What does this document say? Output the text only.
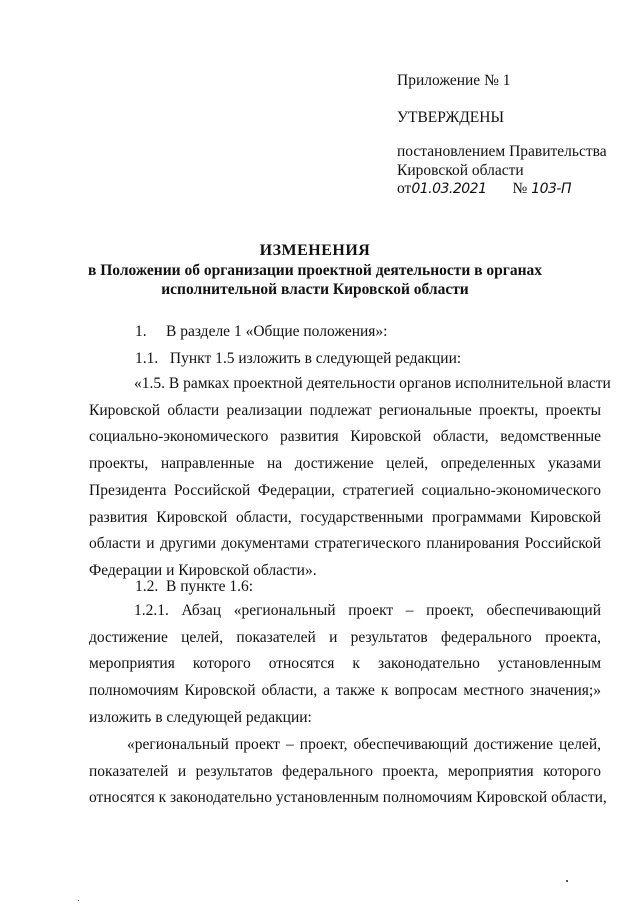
Приложение № 1
УТВЕРЖДЕНЫ
постановлением Правительства
Кировской области
от01.03.2021 № 103-П
ИЗМЕНЕНИЯ
в Положении об организации проектной деятельности в органах
исполнительной власти Кировской области
1.     В разделе 1 «Общие положения»:
1.1.   Пункт 1.5 изложить в следующей редакции:
«1.5. В рамках проектной деятельности органов исполнительной власти
Кировской области реализации подлежат региональные проекты, проекты
социально-экономического развития Кировской области, ведомственные
проекты, направленные на достижение целей, определенных указами
Президента Российской Федерации, стратегией социально-экономического
развития Кировской области, государственными программами Кировской
области и другими документами стратегического планирования Российской
Федерации и Кировской области».
1.2.  В пункте 1.6:
1.2.1. Абзац «региональный проект – проект, обеспечивающий
достижение целей, показателей и результатов федерального проекта,
мероприятия которого относятся к законодательно установленным
полномочиям Кировской области, а также к вопросам местного значения;»
изложить в следующей редакции:
«региональный проект – проект, обеспечивающий достижение целей,
показателей и результатов федерального проекта, мероприятия которого
относятся к законодательно установленным полномочиям Кировской области,
